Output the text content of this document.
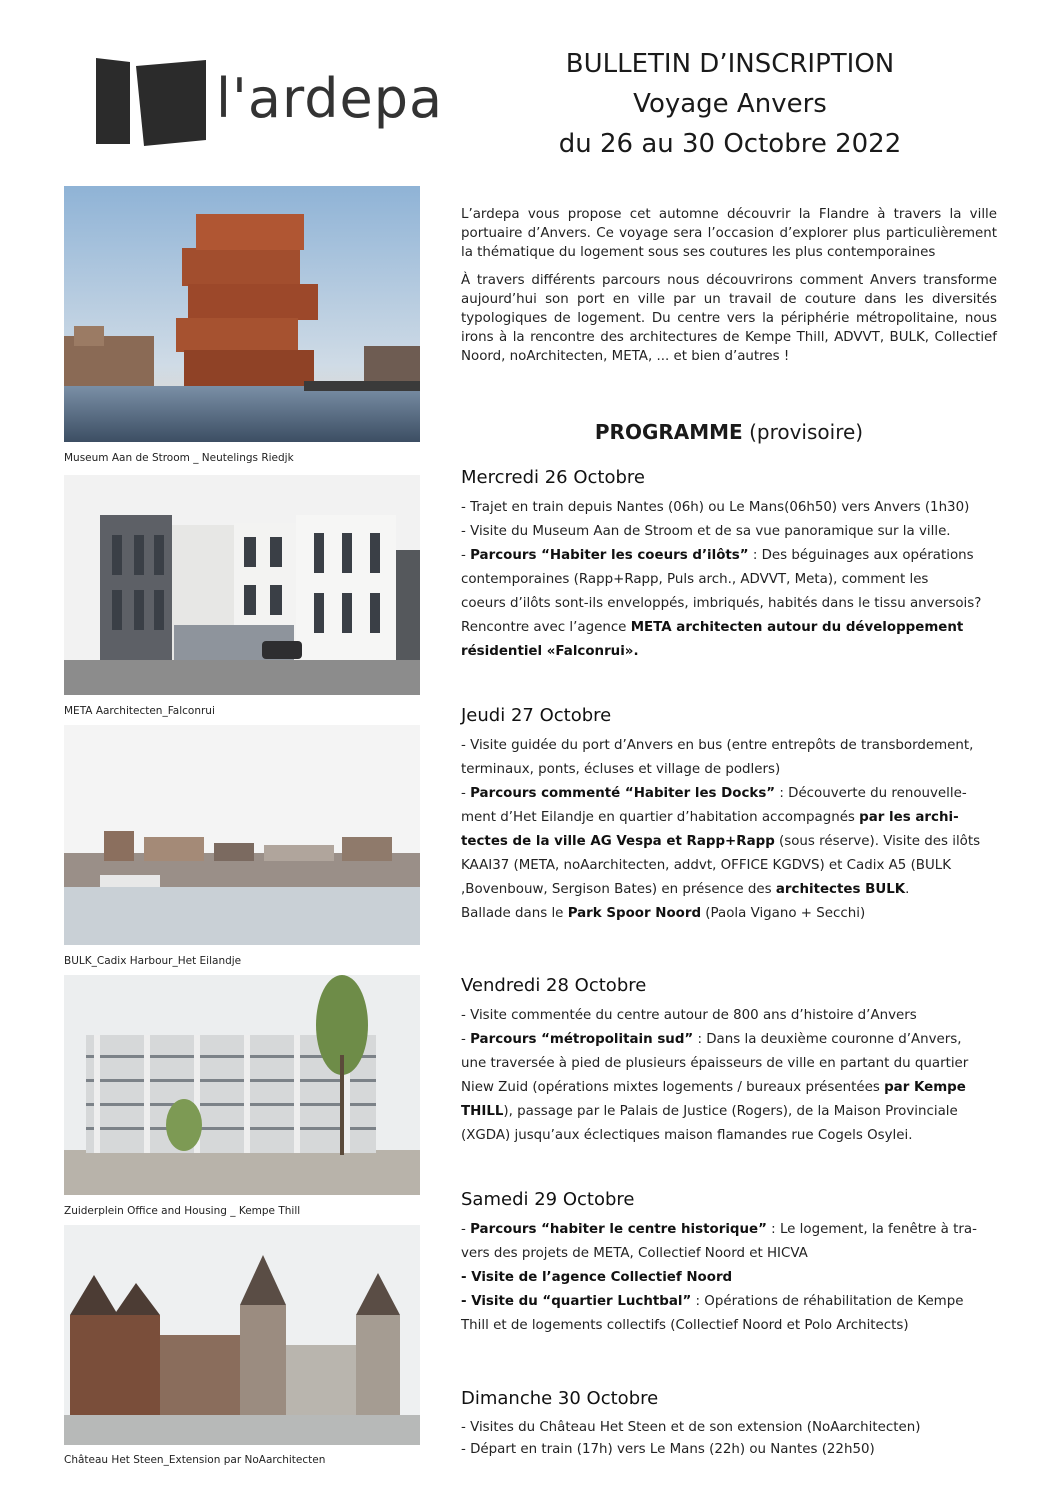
l'ardepa
BULLETIN D’INSCRIPTION
Voyage Anvers
du 26 au 30 Octobre 2022
Museum Aan de Stroom _ Neutelings Riedjk
META Aarchitecten_Falconrui
BULK_Cadix Harbour_Het Eilandje
Zuiderplein Office and Housing _ Kempe Thill
Château Het Steen_Extension par NoAarchitecten

L’ardepa vous propose cet automne découvrir la Flandre à travers la ville portuaire d’Anvers. Ce voyage sera l’occasion d’explorer plus particulièrement la thématique du logement sous ses coutures les plus contemporaines

À travers différents parcours nous découvrirons comment Anvers transforme aujourd’hui son port en ville par un travail de couture dans les diversités typologiques de logement. Du centre vers la périphérie métropolitaine, nous irons à la rencontre des architectures de Kempe Thill, ADVVT, BULK, Collectief Noord, noArchitecten, META, ... et bien d’autres !

PROGRAMME (provisoire)
Mercredi 26 Octobre

- Trajet en train depuis Nantes (06h) ou Le Mans(06h50) vers Anvers (1h30)

- Visite du Museum Aan de Stroom et de sa vue panoramique sur la ville.

- Parcours “Habiter les coeurs d’ilôts” : Des béguinages aux opérations

contemporaines (Rapp+Rapp, Puls arch., ADVVT, Meta), comment les

coeurs d’ilôts sont-ils enveloppés, imbriqués, habités dans le tissu anversois?

Rencontre avec l’agence META architecten autour du développement

résidentiel «Falconrui».

Jeudi 27 Octobre

- Visite guidée du port d’Anvers en bus (entre entrepôts de transbordement,

terminaux, ponts, écluses et village de podlers)

- Parcours commenté “Habiter les Docks” : Découverte du renouvelle-

ment d’Het Eilandje en quartier d’habitation accompagnés par les archi-

tectes de la ville AG Vespa et Rapp+Rapp (sous réserve). Visite des ilôts

KAAI37 (META, noAarchitecten, addvt, OFFICE KGDVS) et Cadix A5 (BULK

,Bovenbouw, Sergison Bates) en présence des architectes BULK.

Ballade dans le Park Spoor Noord (Paola Vigano + Secchi)

Vendredi 28 Octobre

- Visite commentée du centre autour de 800 ans d’histoire d’Anvers

- Parcours “métropolitain sud” : Dans la deuxième couronne d’Anvers,

une traversée à pied de plusieurs épaisseurs de ville en partant du quartier

Niew Zuid (opérations mixtes logements / bureaux présentées par Kempe

THILL), passage par le Palais de Justice (Rogers), de la Maison Provinciale

(XGDA) jusqu’aux éclectiques maison flamandes rue Cogels Osylei.

Samedi 29 Octobre

- Parcours “habiter le centre historique” : Le logement, la fenêtre à tra-

vers des projets de META, Collectief Noord et HICVA

- Visite de l’agence Collectief Noord

- Visite du “quartier Luchtbal” : Opérations de réhabilitation de Kempe

Thill et de logements collectifs (Collectief Noord et Polo Architects)

Dimanche 30 Octobre

- Visites du Château Het Steen et de son extension (NoAarchitecten)

- Départ en train (17h) vers Le Mans (22h) ou Nantes (22h50)
